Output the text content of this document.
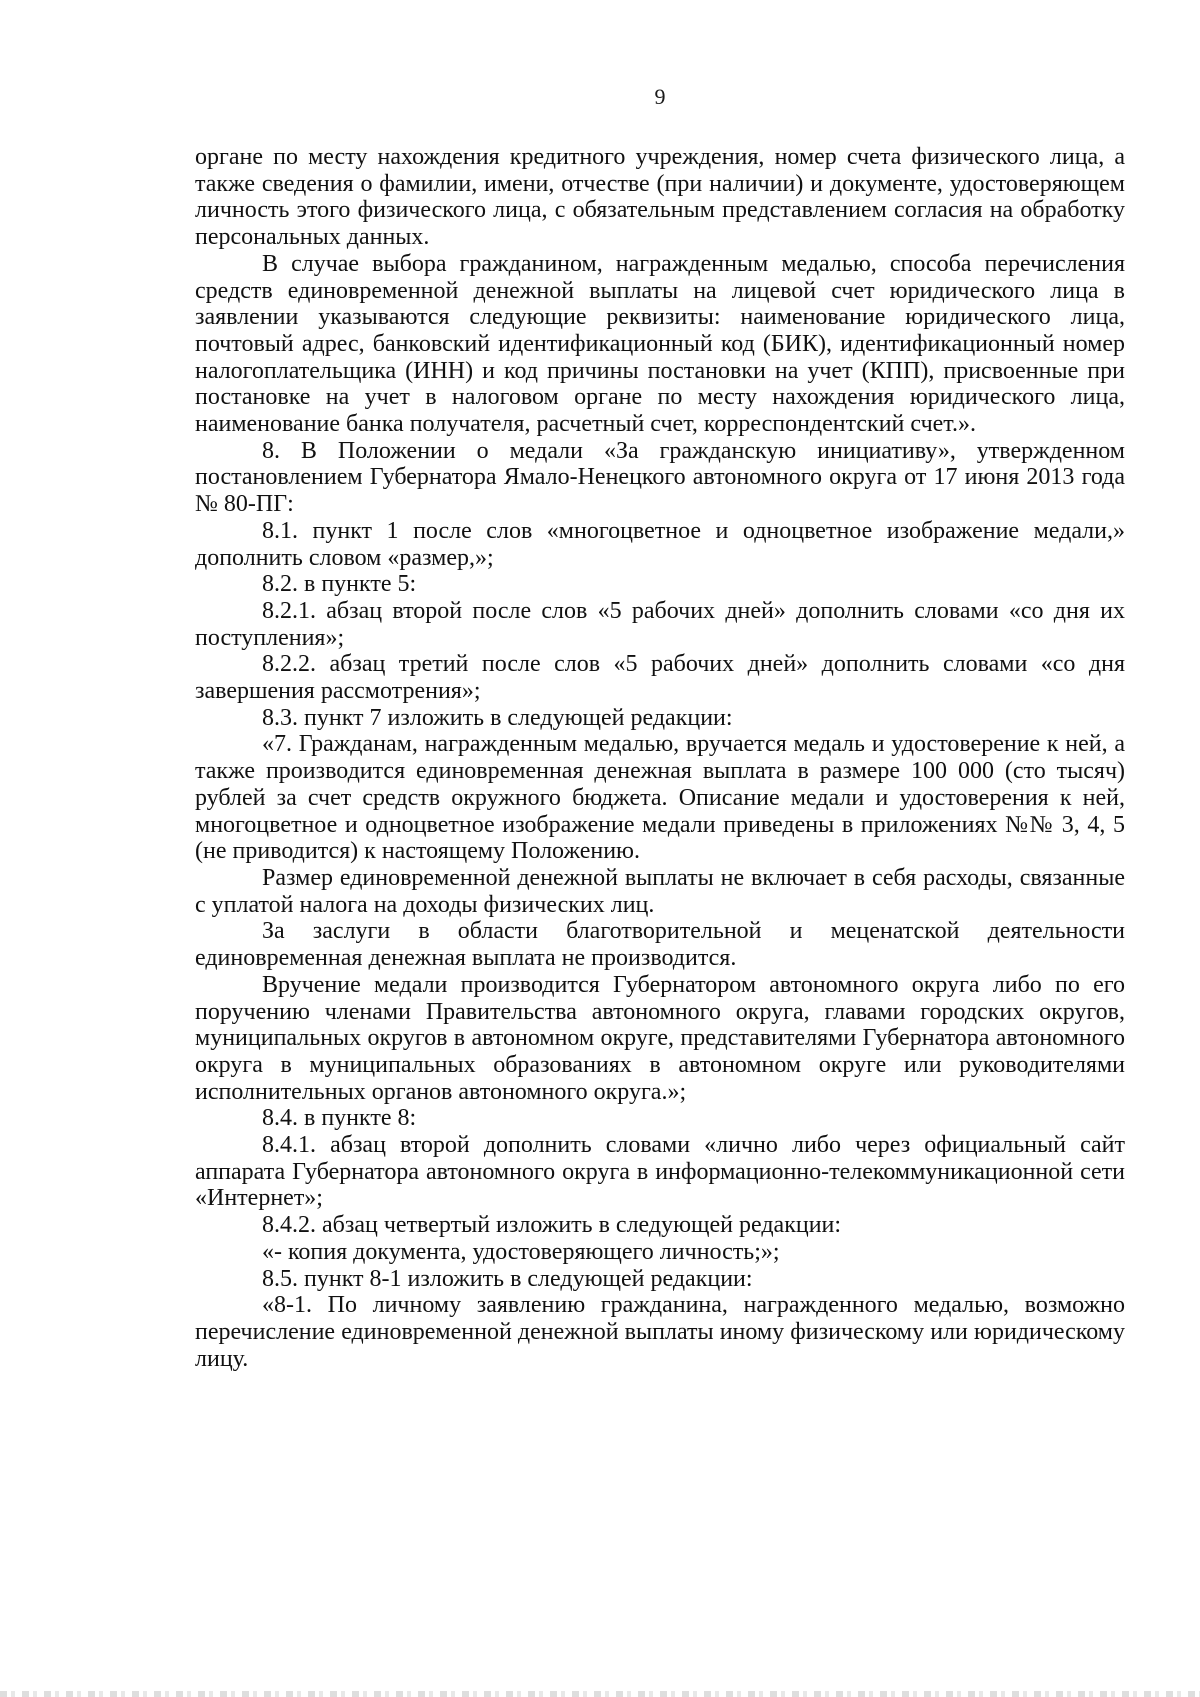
9

органе по месту нахождения кредитного учреждения, номер счета физического лица, а также сведения о фамилии, имени, отчестве (при наличии) и документе, удостоверяющем личность этого физического лица, с обязательным представлением согласия на обработку персональных данных.

В случае выбора гражданином, награжденным медалью, способа перечисления средств единовременной денежной выплаты на лицевой счет юридического лица в заявлении указываются следующие реквизиты: наименование юридического лица, почтовый адрес, банковский идентификационный код (БИК), идентификационный номер налогоплательщика (ИНН) и код причины постановки на учет (КПП), присвоенные при постановке на учет в налоговом органе по месту нахождения юридического лица, наименование банка получателя, расчетный счет, корреспондентский счет.».

8. В Положении о медали «За гражданскую инициативу», утвержденном постановлением Губернатора Ямало-Ненецкого автономного округа от 17 июня 2013 года № 80-ПГ:

8.1. пункт 1 после слов «многоцветное и одноцветное изображение медали,» дополнить словом «размер,»;

8.2. в пункте 5:

8.2.1. абзац второй после слов «5 рабочих дней» дополнить словами «со дня их поступления»;

8.2.2. абзац третий после слов «5 рабочих дней» дополнить словами «со дня завершения рассмотрения»;

8.3. пункт 7 изложить в следующей редакции:

«7. Гражданам, награжденным медалью, вручается медаль и удостоверение к ней, а также производится единовременная денежная выплата в размере 100 000 (сто тысяч) рублей за счет средств окружного бюджета. Описание медали и удостоверения к ней, многоцветное и одноцветное изображение медали приведены в приложениях №№ 3, 4, 5 (не приводится) к настоящему Положению.

Размер единовременной денежной выплаты не включает в себя расходы, связанные с уплатой налога на доходы физических лиц.

За заслуги в области благотворительной и меценатской деятельности единовременная денежная выплата не производится.

Вручение медали производится Губернатором автономного округа либо по его поручению членами Правительства автономного округа, главами городских округов, муниципальных округов в автономном округе, представителями Губернатора автономного округа в муниципальных образованиях в автономном округе или руководителями исполнительных органов автономного округа.»;

8.4. в пункте 8:

8.4.1. абзац второй дополнить словами «лично либо через официальный сайт аппарата Губернатора автономного округа в информационно-телекоммуникационной сети «Интернет»;

8.4.2. абзац четвертый изложить в следующей редакции:

«- копия документа, удостоверяющего личность;»;

8.5. пункт 8-1 изложить в следующей редакции:

«8-1. По личному заявлению гражданина, награжденного медалью, возможно перечисление единовременной денежной выплаты иному физическому или юридическому лицу.
